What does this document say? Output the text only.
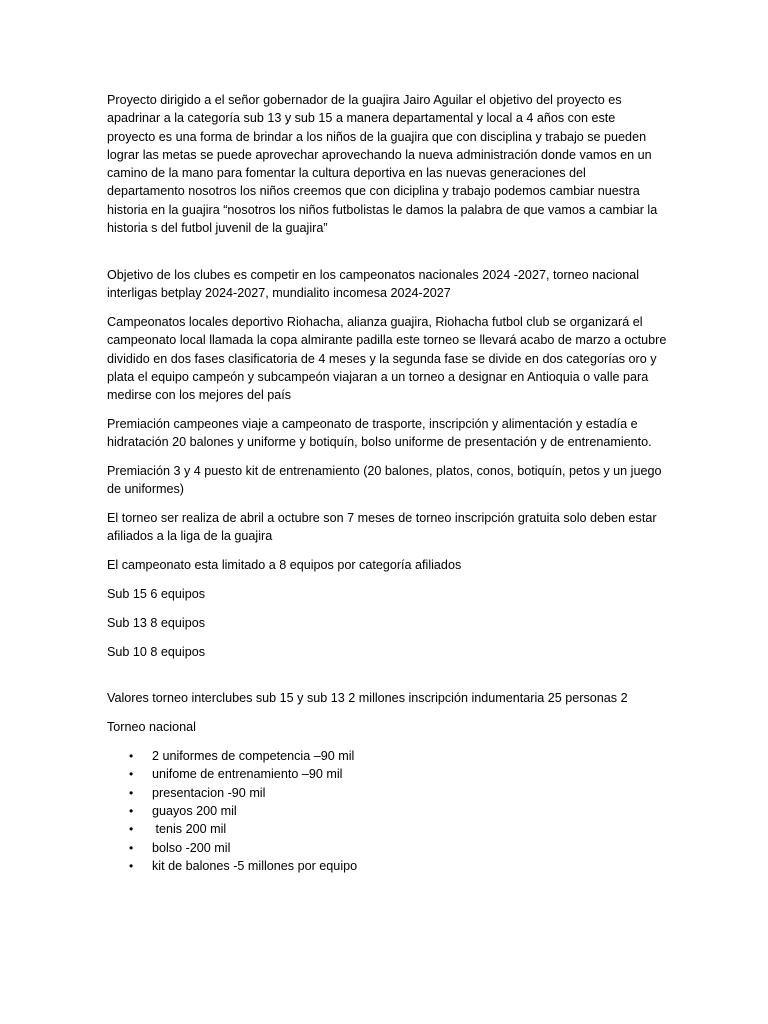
Proyecto dirigido a el señor gobernador de la guajira Jairo Aguilar el objetivo del proyecto es apadrinar a la categoría sub 13 y sub 15 a manera departamental y local a 4 años con este proyecto es una forma de brindar a los niños de la guajira que con disciplina y trabajo se pueden lograr las metas se puede aprovechar aprovechando la nueva administración donde vamos en un camino de la mano para fomentar la cultura deportiva en las nuevas generaciones del departamento nosotros los niños creemos que con diciplina y trabajo podemos cambiar nuestra historia en la guajira “nosotros los niños futbolistas le damos la palabra de que vamos a cambiar la historia s del futbol juvenil de la guajira”

Objetivo de los clubes es competir en los campeonatos nacionales 2024 -2027, torneo nacional interligas betplay 2024-2027, mundialito incomesa 2024-2027

Campeonatos locales deportivo Riohacha, alianza guajira, Riohacha futbol club se organizará el campeonato local llamada la copa almirante padilla este torneo se llevará acabo de marzo a octubre dividido en dos fases clasificatoria de 4 meses y la segunda fase se divide en dos categorías oro y plata el equipo campeón y subcampeón viajaran a un torneo a designar en Antioquia o valle para medirse con los mejores del país

Premiación campeones viaje a campeonato de trasporte, inscripción y alimentación y estadía e hidratación 20 balones y uniforme y botiquín, bolso uniforme de presentación y de entrenamiento.

Premiación 3 y 4 puesto kit de entrenamiento (20 balones, platos, conos, botiquín, petos y un juego de uniformes)

El torneo ser realiza de abril a octubre son 7 meses de torneo inscripción gratuita solo deben estar afiliados a la liga de la guajira

El campeonato esta limitado a 8 equipos por categoría afiliados

Sub 15 6 equipos

Sub 13 8 equipos

Sub 10 8 equipos

Valores torneo interclubes sub 15 y sub 13 2 millones inscripción indumentaria 25 personas 2

Torneo nacional

• 2 uniformes de competencia –90 mil
• unifome de entrenamiento –90 mil
• presentacion -90 mil
• guayos 200 mil
• tenis 200 mil
• bolso -200 mil
• kit de balones -5 millones por equipo
